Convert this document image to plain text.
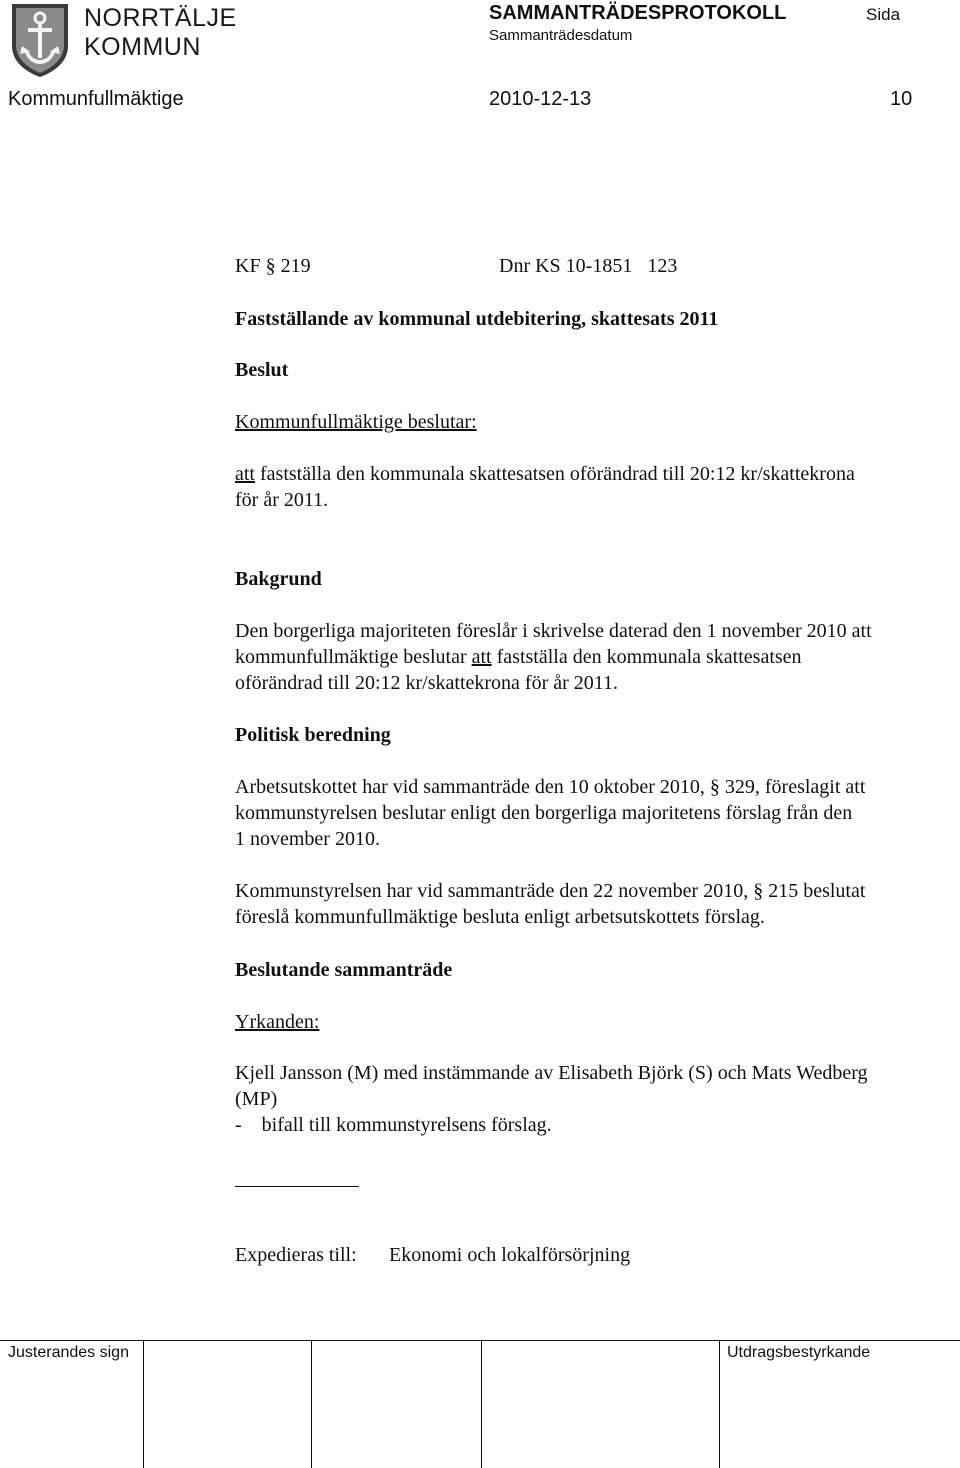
NORRTÄLJE
KOMMUN
SAMMANTRÄDESPROTOKOLL	Sida
Sammanträdesdatum
Kommunfullmäktige	2010-12-13	10
KF § 219	Dnr KS 10-1851   123
Fastställande av kommunal utdebitering, skattesats 2011
Beslut
Kommunfullmäktige beslutar:
att fastställa den kommunala skattesatsen oförändrad till 20:12 kr/skattekrona
för år 2011.
Bakgrund
Den borgerliga majoriteten föreslår i skrivelse daterad den 1 november 2010 att
kommunfullmäktige beslutar att fastställa den kommunala skattesatsen
oförändrad till 20:12 kr/skattekrona för år 2011.
Politisk beredning
Arbetsutskottet har vid sammanträde den 10 oktober 2010, § 329, föreslagit att
kommunstyrelsen beslutar enligt den borgerliga majoritetens förslag från den
1 november 2010.
Kommunstyrelsen har vid sammanträde den 22 november 2010, § 215 beslutat
föreslå kommunfullmäktige besluta enligt arbetsutskottets förslag.
Beslutande sammanträde
Yrkanden:
Kjell Jansson (M) med instämmande av Elisabeth Björk (S) och Mats Wedberg
(MP)
-    bifall till kommunstyrelsens förslag.
Expedieras till: Ekonomi och lokalförsörjning
Justerandes sign	Utdragsbestyrkande
